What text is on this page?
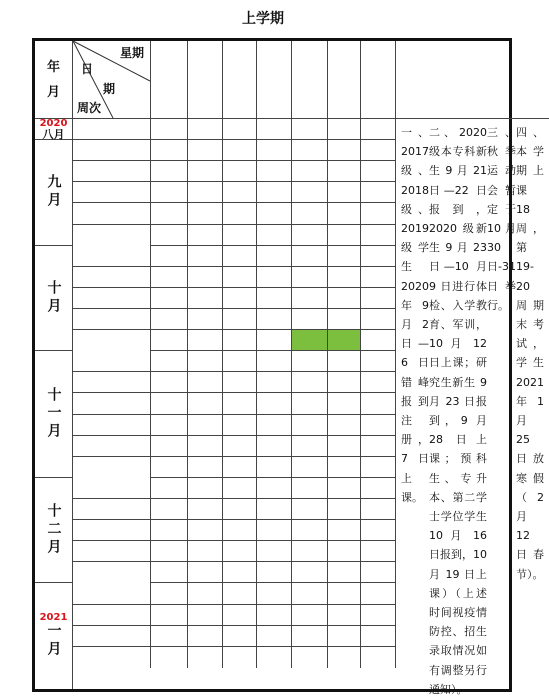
上学期
年
月
星期
日
期
周次
2020
八月
九月
十月
十一月
十二月
2021
一月

一、2017 级、2018 级、2019级学生 2020 年9 月 2日—6 日错峰报到注册，7 日上课。

二、2020 级本专科新生 9 月 21 日—22 日报到，2020 级新生 9 月 23 日—10 月 9 日进行体检、入学教育、军训，10 月 12 日上课；研究生新生 9 月 23 日报到，9 月 28 日上课；预科生、专升本、第二学士学位学生 10 月 16 日报到，10 月 19 日上课）（上述时间视疫情防控、招生录取情况如有调整另行通知）。

三、秋季运动会暂定于 10 月 30 日-31 日举行。

四、本学期上课 18 周，第 19-20 周期末考试，学生 2021 年 1 月 25 日放寒假（2 月 12 日春节）。
